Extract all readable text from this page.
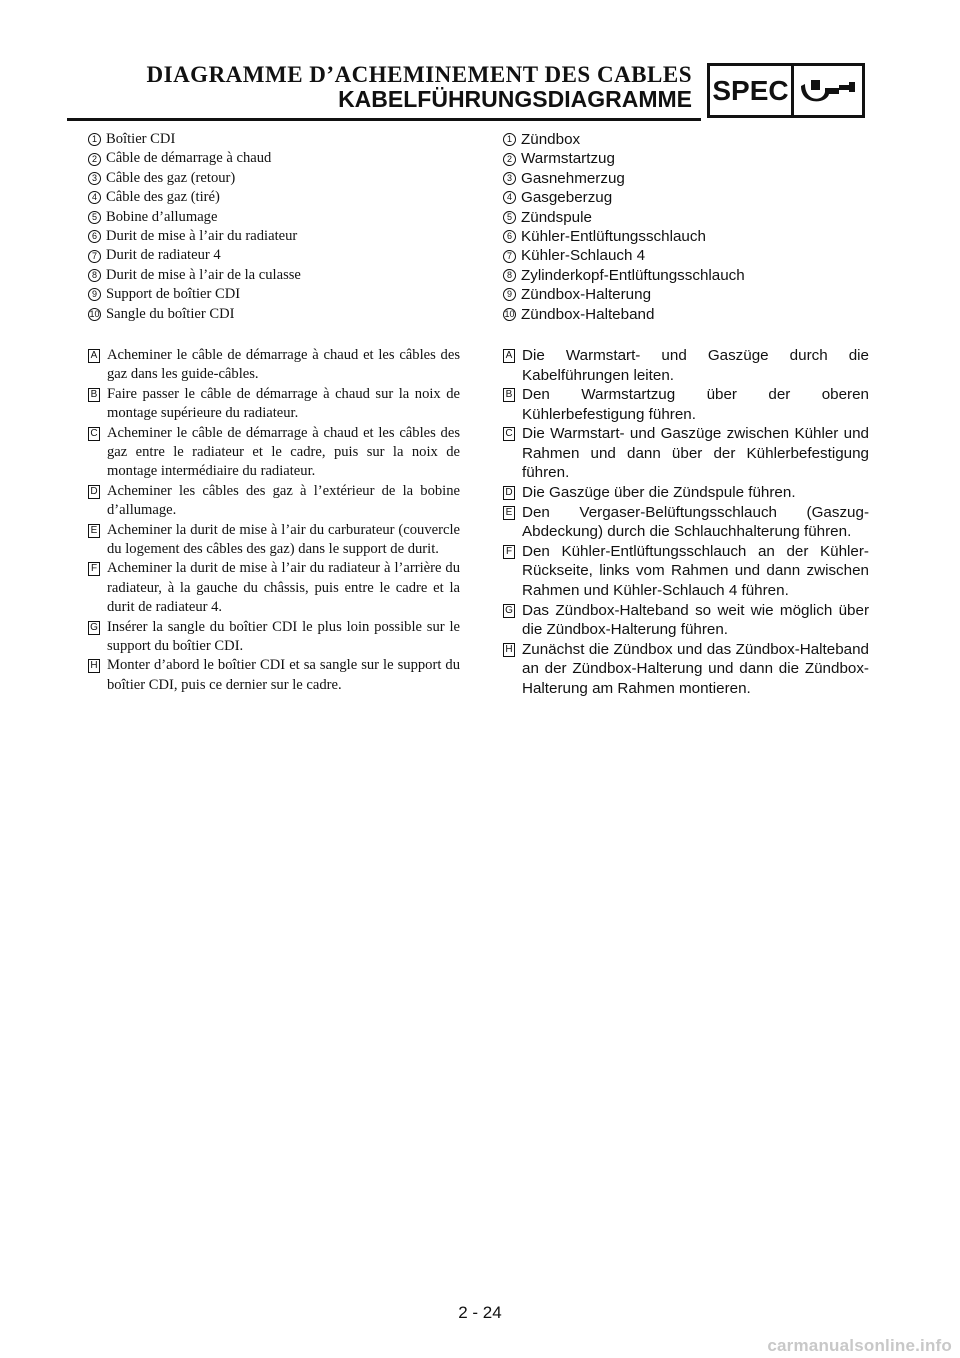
DIAGRAMME D’ACHEMINEMENT DES CABLES
KABELFÜHRUNGSDIAGRAMME SPEC
1 Boîtier CDI
2 Câble de démarrage à chaud
3 Câble des gaz (retour)
4 Câble des gaz (tiré)
5 Bobine d’allumage
6 Durit de mise à l’air du radiateur
7 Durit de radiateur 4
8 Durit de mise à l’air de la culasse
9 Support de boîtier CDI
10 Sangle du boîtier CDI
A Acheminer le câble de démarrage à chaud et les câbles des gaz dans les guide-câbles.
B Faire passer le câble de démarrage à chaud sur la noix de montage supérieure du radiateur.
C Acheminer le câble de démarrage à chaud et les câbles des gaz entre le radiateur et le cadre, puis sur la noix de montage intermédiaire du radiateur.
D Acheminer les câbles des gaz à l’extérieur de la bobine d’allumage.
E Acheminer la durit de mise à l’air du carburateur (couvercle du logement des câbles des gaz) dans le support de durit.
F Acheminer la durit de mise à l’air du radiateur à l’arrière du radiateur, à la gauche du châssis, puis entre le cadre et la durit de radiateur 4.
G Insérer la sangle du boîtier CDI le plus loin possible sur le support du boîtier CDI.
H Monter d’abord le boîtier CDI et sa sangle sur le support du boîtier CDI, puis ce dernier sur le cadre.
1 Zündbox
2 Warmstartzug
3 Gasnehmerzug
4 Gasgeberzug
5 Zündspule
6 Kühler-Entlüftungsschlauch
7 Kühler-Schlauch 4
8 Zylinderkopf-Entlüftungsschlauch
9 Zündbox-Halterung
10 Zündbox-Halteband
A Die Warmstart- und Gaszüge durch die Kabelführungen leiten.
B Den Warmstartzug über der oberen Kühlerbefestigung führen.
C Die Warmstart- und Gaszüge zwischen Kühler und Rahmen und dann über der Kühlerbefestigung führen.
D Die Gaszüge über die Zündspule führen.
E Den Vergaser-Belüftungsschlauch (Gaszug-Abdeckung) durch die Schlauchhalterung führen.
F Den Kühler-Entlüftungsschlauch an der Kühler-Rückseite, links vom Rahmen und dann zwischen Rahmen und Kühler-Schlauch 4 führen.
G Das Zündbox-Halteband so weit wie möglich über die Zündbox-Halterung führen.
H Zunächst die Zündbox und das Zündbox-Halteband an der Zündbox-Halterung und dann die Zündbox-Halterung am Rahmen montieren.
2 - 24
carmanualsonline.info
